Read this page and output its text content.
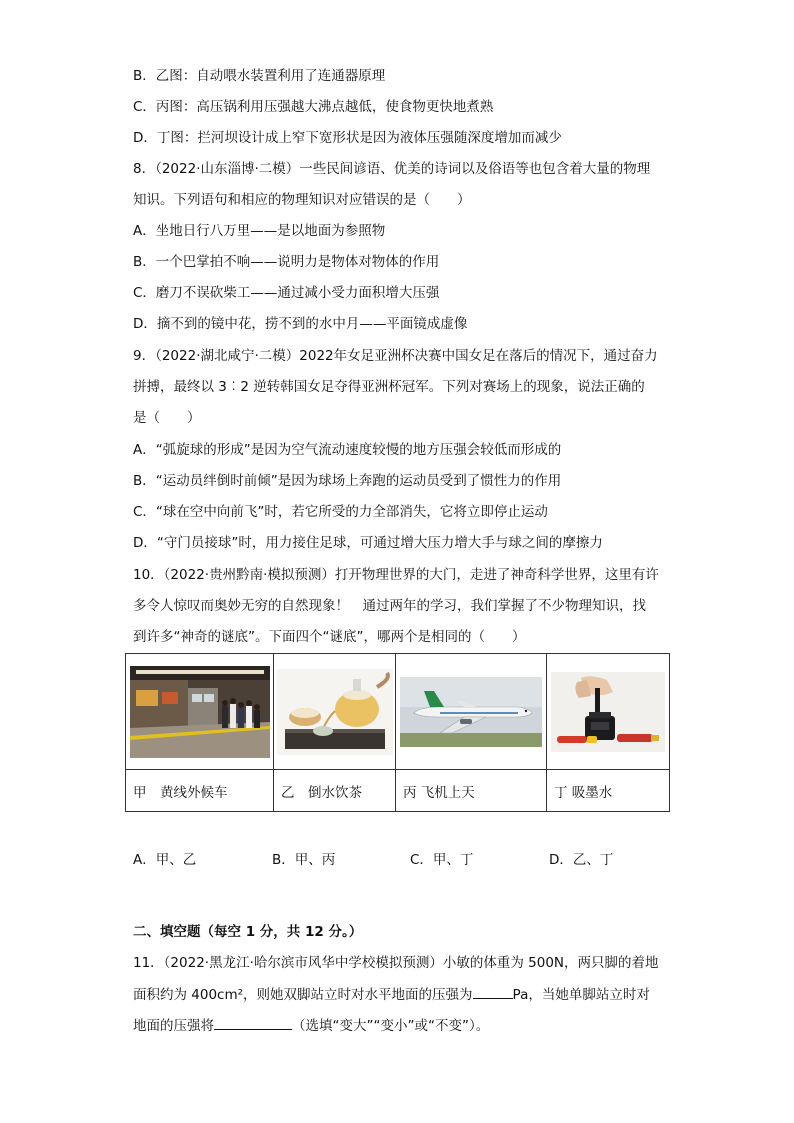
B．乙图：自动喂水装置利用了连通器原理
C．丙图：高压锅利用压强越大沸点越低，使食物更快地煮熟
D．丁图：拦河坝设计成上窄下宽形状是因为液体压强随深度增加而减少
8．（2022·山东淄博·二模）一些民间谚语、优美的诗词以及俗语等也包含着大量的物理
知识。下列语句和相应的物理知识对应错误的是（　　）
A．坐地日行八万里——是以地面为参照物
B．一个巴掌拍不响——说明力是物体对物体的作用
C．磨刀不误砍柴工——通过减小受力面积增大压强
D．摘不到的镜中花，捞不到的水中月——平面镜成虚像
9．（2022·湖北咸宁·二模）2022年女足亚洲杯决赛中国女足在落后的情况下，通过奋力
拼搏，最终以 3︰2 逆转韩国女足夺得亚洲杯冠军。下列对赛场上的现象，说法正确的
是（　　）
A．“弧旋球的形成”是因为空气流动速度较慢的地方压强会较低而形成的
B．“运动员绊倒时前倾”是因为球场上奔跑的运动员受到了惯性力的作用
C．“球在空中向前飞”时，若它所受的力全部消失，它将立即停止运动
D．“守门员接球”时，用力接住足球，可通过增大压力增大手与球之间的摩擦力
10．（2022·贵州黔南·模拟预测）打开物理世界的大门，走进了神奇科学世界，这里有许
多令人惊叹而奥妙无穷的自然现象！　通过两年的学习，我们掌握了不少物理知识，找
到许多“神奇的谜底”。下面四个“谜底”，哪两个是相同的（　　）

甲　黄线外候车	乙　倒水饮茶	丙 飞机上天	丁 吸墨水
A．甲、乙	B．甲、丙	C．甲、丁	D．乙、丁
二、填空题（每空 1 分，共 12 分。）
11．（2022·黑龙江·哈尔滨市风华中学校模拟预测）小敏的体重为 500N，两只脚的着地
面积约为 400cm²，则她双脚站立时对水平地面的压强为	Pa，当她单脚站立时对
地面的压强将	（选填“变大”“变小”或“不变”）。
